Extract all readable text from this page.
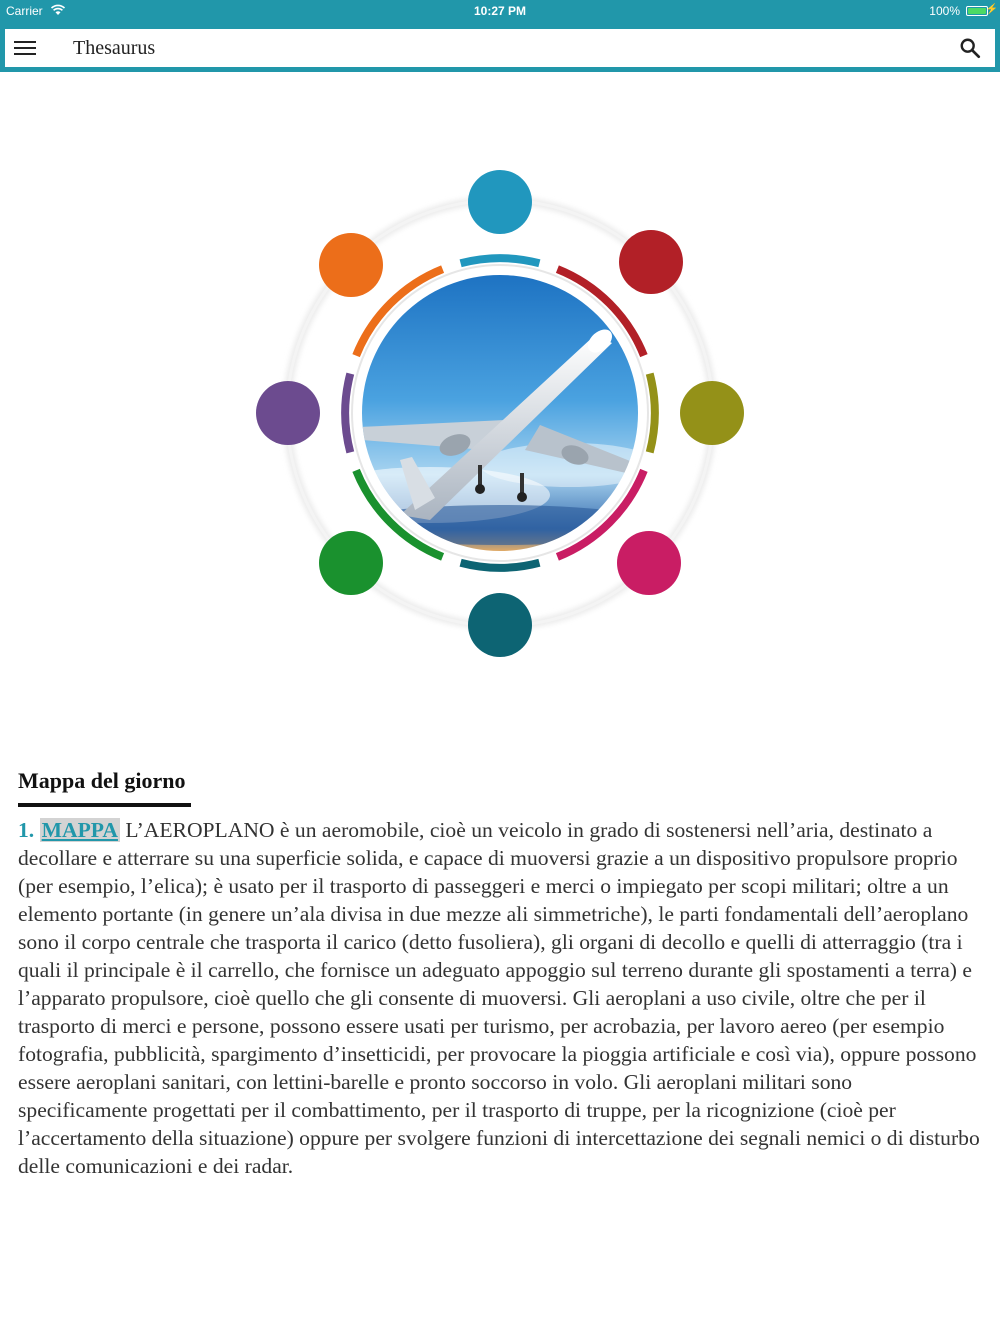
Carrier	10:27 PM	100%	⚡
Thesaurus
Mappa del giorno

1. MAPPA L’AEROPLANO è un aeromobile, cioè un veicolo in grado di sostenersi nell’aria, destinato a decollare e atterrare su una superficie solida, e capace di muoversi grazie a un dispositivo propulsore proprio (per esempio, l’elica); è usato per il trasporto di passeggeri e merci o impiegato per scopi militari; oltre a un elemento portante (in genere un’ala divisa in due mezze ali simmetriche), le parti fondamentali dell’aeroplano sono il corpo centrale che trasporta il carico (detto fusoliera), gli organi di decollo e quelli di atterraggio (tra i quali il principale è il carrello, che fornisce un adeguato appoggio sul terreno durante gli spostamenti a terra) e l’apparato propulsore, cioè quello che gli consente di muoversi. Gli aeroplani a uso civile, oltre che per il trasporto di merci e persone, possono essere usati per turismo, per acrobazia, per lavoro aereo (per esempio fotografia, pubblicità, spargimento d’insetticidi, per provocare la pioggia artificiale e così via), oppure possono essere aeroplani sanitari, con lettini-barelle e pronto soccorso in volo. Gli aeroplani militari sono specificamente progettati per il combattimento, per il trasporto di truppe, per la ricognizione (cioè per l’accertamento della situazione) oppure per svolgere funzioni di intercettazione dei segnali nemici o di disturbo delle comunicazioni e dei radar.
